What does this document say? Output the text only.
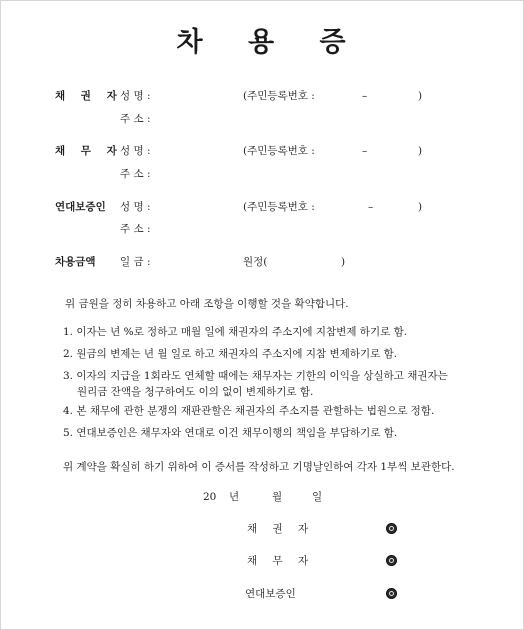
차 용 증
채 권 자
성 명 :	(주민등록번호 :	–	)
주 소 :
채 무 자
성 명 :	(주민등록번호 :	–	)
주 소 :
연대보증인 성 명 :	(주민등록번호 :	–	)
주 소 :
차용금액 일 금 :	원정(	)
위 금원을 정히 차용하고 아래 조항을 이행할 것을 확약합니다.
1. 이자는 년 %로 정하고 매월 일에 채권자의 주소지에 지참변제 하기로 함.
2. 원금의 변제는 년 월 일로 하고 채권자의 주소지에 지참 변제하기로 함.
3. 이자의 지급을 1회라도 연체할 때에는 채무자는 기한의 이익을 상실하고 채권자는
원리금 잔액을 청구하여도 이의 없이 변제하기로 함.
4. 본 채무에 관한 분쟁의 재판관할은 채권자의 주소지를 관할하는 법원으로 정함.
5. 연대보증인은 채무자와 연대로 이건 채무이행의 책임을 부담하기로 함.
위 계약을 확실히 하기 위하여 이 증서를 작성하고 기명날인하여 각자 1부씩 보관한다.
20 년	월	일
채 권 자
채 무 자
연대보증인
